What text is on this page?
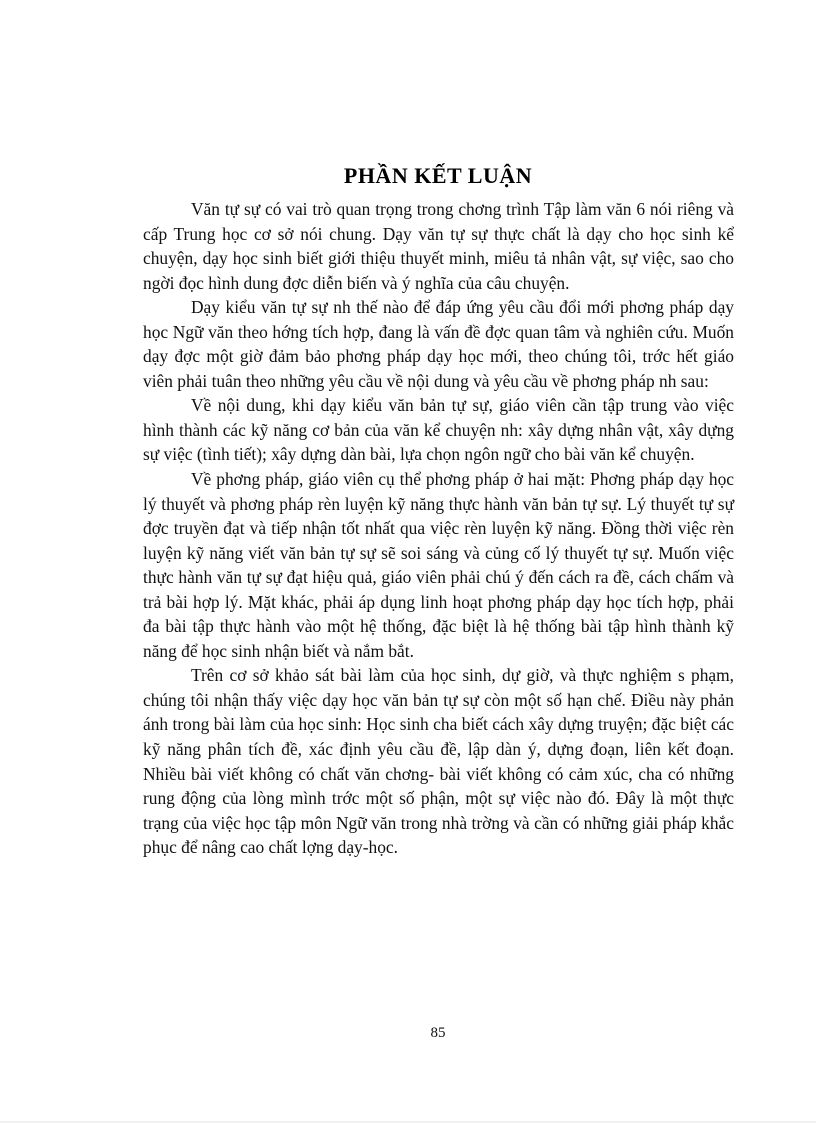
PHẦN KẾT LUẬN

Văn tự sự có vai trò quan trọng trong chơng trình Tập làm văn 6 nói riêng và cấp Trung học cơ sở nói chung. Dạy văn tự sự thực chất là dạy cho học sinh kể chuyện, dạy học sinh biết giới thiệu thuyết minh, miêu tả nhân vật, sự việc, sao cho ngời đọc hình dung đợc diễn biến và ý nghĩa của câu chuyện.

Dạy kiểu văn tự sự nh thế nào để đáp ứng yêu cầu đổi mới phơng pháp dạy học Ngữ văn theo hớng tích hợp, đang là vấn đề đợc quan tâm và nghiên cứu. Muốn dạy đợc một giờ đảm bảo phơng pháp dạy học mới, theo chúng tôi, trớc hết giáo viên phải tuân theo những yêu cầu về nội dung và yêu cầu về phơng pháp nh sau:

Về nội dung, khi dạy kiểu văn bản tự sự, giáo viên cần tập trung vào việc hình thành các kỹ năng cơ bản của văn kể chuyện nh: xây dựng nhân vật, xây dựng sự việc (tình tiết); xây dựng dàn bài, lựa chọn ngôn ngữ cho bài văn kể chuyện.

Về phơng pháp, giáo viên cụ thể phơng pháp ở hai mặt: Phơng pháp dạy học lý thuyết và phơng pháp rèn luyện kỹ năng thực hành văn bản tự sự. Lý thuyết tự sự đợc truyền đạt và tiếp nhận tốt nhất qua việc rèn luyện kỹ năng. Đồng thời việc rèn luyện kỹ năng viết văn bản tự sự sẽ soi sáng và củng cố lý thuyết tự sự. Muốn việc thực hành văn tự sự đạt hiệu quả, giáo viên phải chú ý đến cách ra đề, cách chấm và trả bài hợp lý. Mặt khác, phải áp dụng linh hoạt phơng pháp dạy học tích hợp, phải đa bài tập thực hành vào một hệ thống, đặc biệt là hệ thống bài tập hình thành kỹ năng để học sinh nhận biết và nắm bắt.

Trên cơ sở khảo sát bài làm của học sinh, dự giờ, và thực nghiệm s phạm, chúng tôi nhận thấy việc dạy học văn bản tự sự còn một số hạn chế. Điều này phản ánh trong bài làm của học sinh: Học sinh cha biết cách xây dựng truyện; đặc biệt các kỹ năng phân tích đề, xác định yêu cầu đề, lập dàn ý, dựng đoạn, liên kết đoạn. Nhiều bài viết không có chất văn chơng- bài viết không có cảm xúc, cha có những rung động của lòng mình trớc một số phận, một sự việc nào đó. Đây là một thực trạng của việc học tập môn Ngữ văn trong nhà trờng và cần có những giải pháp khắc phục để nâng cao chất lợng dạy-học.

85
